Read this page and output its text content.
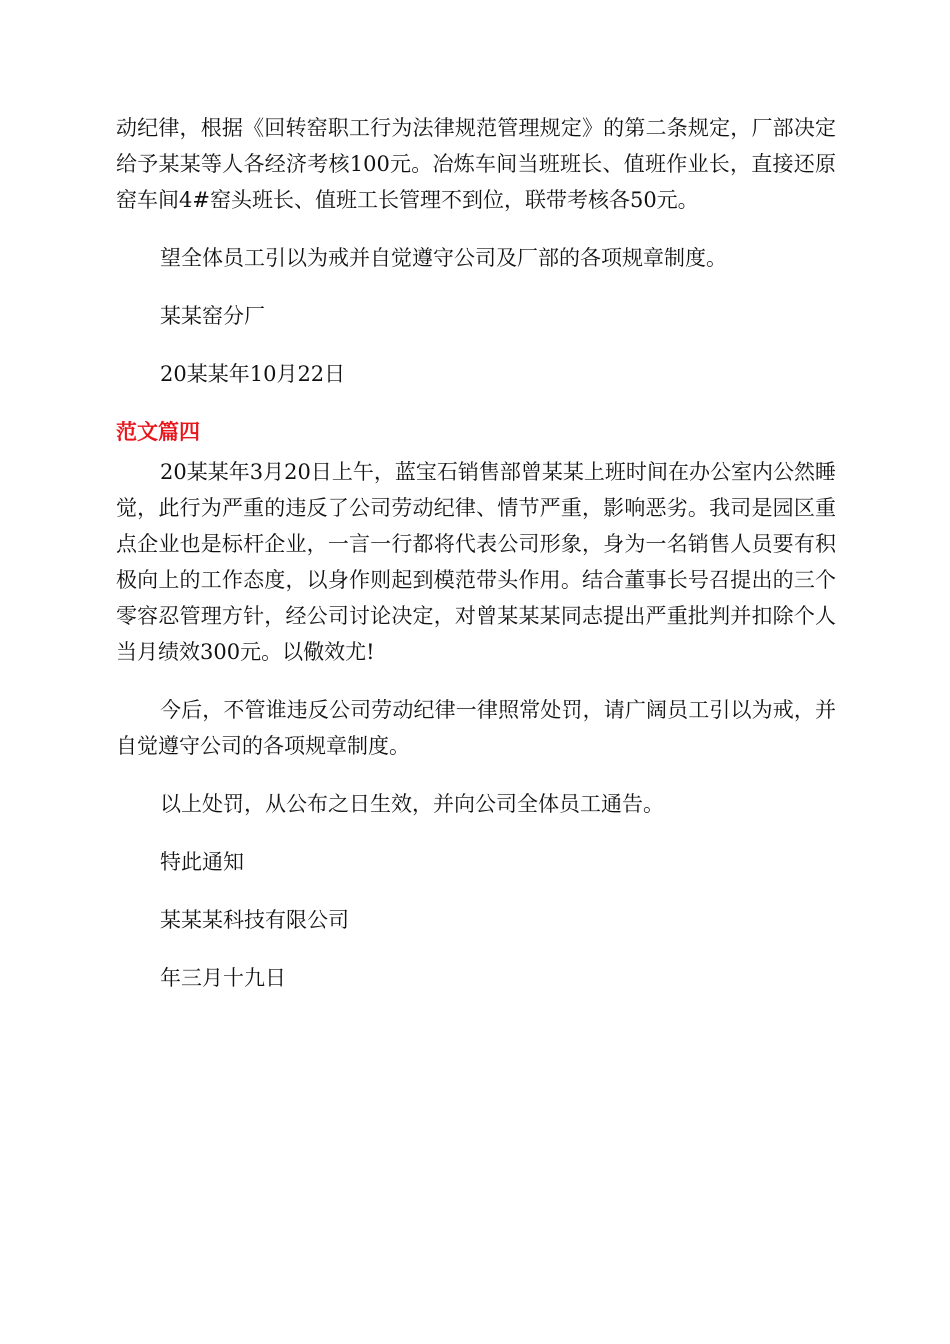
动纪律，根据《回转窑职工行为法律规范管理规定》的第二条规定，厂部决定给予某某等人各经济考核100元。冶炼车间当班班长、值班作业长，直接还原窑车间4#窑头班长、值班工长管理不到位，联带考核各50元。

望全体员工引以为戒并自觉遵守公司及厂部的各项规章制度。

某某窑分厂

20某某年10月22日

范文篇四

20某某年3月20日上午，蓝宝石销售部曾某某上班时间在办公室内公然睡觉，此行为严重的违反了公司劳动纪律、情节严重，影响恶劣。我司是园区重点企业也是标杆企业，一言一行都将代表公司形象，身为一名销售人员要有积极向上的工作态度，以身作则起到模范带头作用。结合董事长号召提出的三个零容忍管理方针，经公司讨论决定，对曾某某某同志提出严重批判并扣除个人当月绩效300元。以儆效尤!

今后，不管谁违反公司劳动纪律一律照常处罚，请广阔员工引以为戒，并自觉遵守公司的各项规章制度。

以上处罚，从公布之日生效，并向公司全体员工通告。

特此通知

某某某科技有限公司

年三月十九日
